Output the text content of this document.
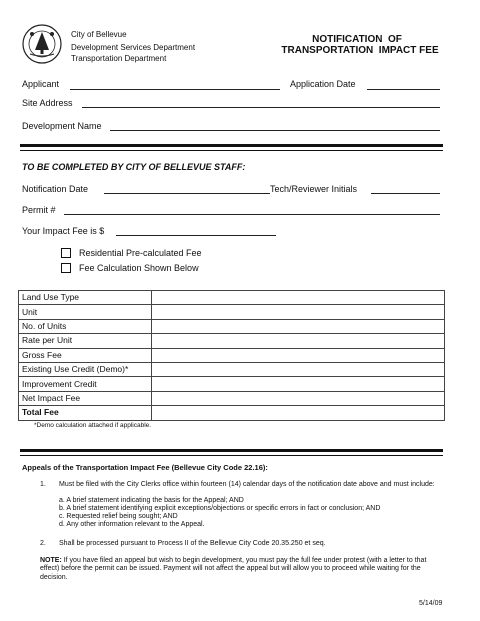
City of Bellevue
Development Services Department
Transportation Department
NOTIFICATION  OF
TRANSPORTATION  IMPACT FEE
Applicant	Application Date
Site Address
Development Name
TO BE COMPLETED BY CITY OF BELLEVUE STAFF:
Notification Date	Tech/Reviewer Initials
Permit #
Your Impact Fee is $
Residential Pre-calculated Fee
Fee Calculation Shown Below
Land Use Type	
Unit	
No. of Units	
Rate per Unit	
Gross Fee	
Existing Use Credit (Demo)*	
Improvement Credit	
Net Impact Fee	
Total Fee	
*Demo calculation attached if applicable.
Appeals of the Transportation Impact Fee (Bellevue City Code 22.16):
1. Must be filed with the City Clerks office within fourteen (14) calendar days of the notification date above and must include:
a. A brief statement indicating the basis for the Appeal; AND
b. A brief statement identifying explicit exceptions/objections or specific errors in fact or conclusion; AND
c. Requested relief being sought; AND
d. Any other information relevant to the Appeal.
2. Shall be processed pursuant to Process II of the Bellevue City Code 20.35.250 et seq.
NOTE: If you have filed an appeal but wish to begin development, you must pay the full fee under protest (with a letter to that effect) before the permit can be issued. Payment will not affect the appeal but will allow you to proceed while waiting for the decision.
5/14/09
